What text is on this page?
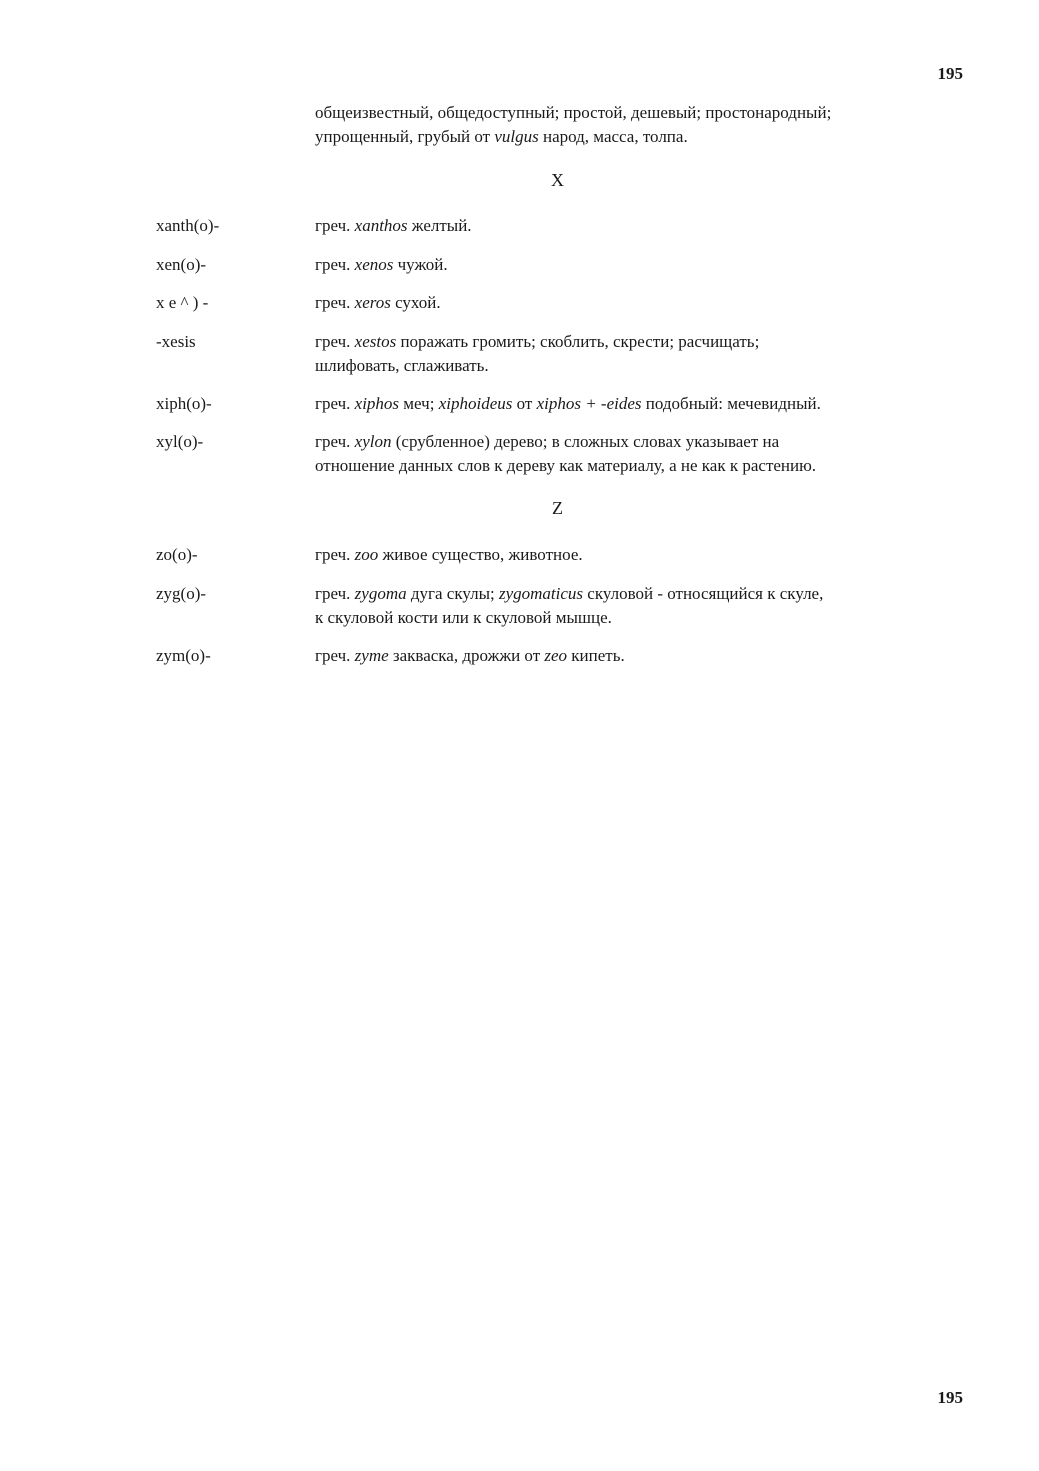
195
общеизвестный, общедоступный; простой, дешевый; простонародный;
упрощенный, грубый от vulgus народ, масса, толпа.
X
xanth(o)-	греч. xanthos желтый.
xen(o)-	греч. xenos чужой.
x e ^ ) -	греч. xeros сухой.
-xesis	греч. xestos поражать громить; скоблить, скрести; расчищать;
шлифовать, сглаживать.
xiph(o)-	греч. xiphos меч; xiphoideus от xiphos + -eides подобный: мечевидный.
xyl(o)-	греч. xylon (срубленное) дерево; в сложных словах указывает на
отношение данных слов к дереву как материалу, а не как к растению.
Z
zo(o)-	греч. zoo живое существо, животное.
zyg(o)-	греч. zygoma дуга скулы; zygomaticus скуловой - относящийся к скуле,
к скуловой кости или к скуловой мышце.
zym(o)-	греч. zyme закваска, дрожжи от zeo кипеть.
195
